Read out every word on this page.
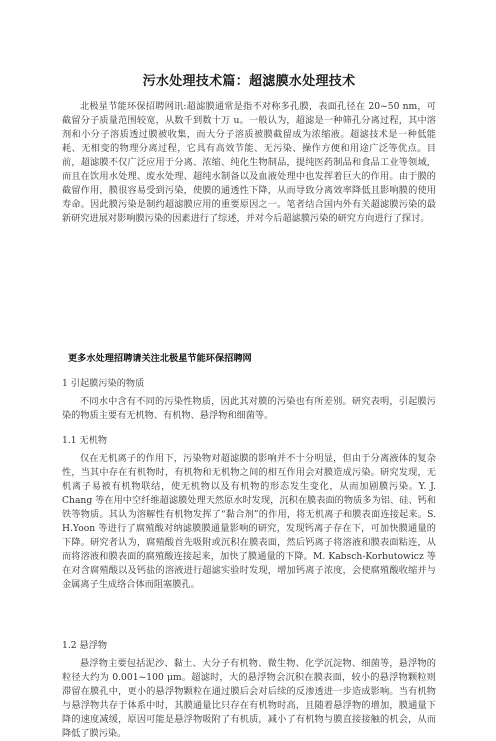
污水处理技术篇：超滤膜水处理技术

北极星节能环保招聘网讯:超滤膜通常是指不对称多孔膜，表面孔径在 20~50 nm，可截留分子质量范围较宽，从数千到数十万 u。一般认为，超滤是一种筛孔分离过程，其中溶剂和小分子溶质透过膜被收集，而大分子溶质被膜截留成为浓缩液。超滤技术是一种低能耗、无相变的物理分离过程，它具有高效节能、无污染、操作方便和用途广泛等优点。目前，超滤膜不仅广泛应用于分离、浓缩、纯化生物制品，提纯医药制品和食品工业等领域，而且在饮用水处理、废水处理、超纯水制备以及血液处理中也发挥着巨大的作用。由于膜的截留作用，膜很容易受到污染，使膜的通透性下降，从而导致分离效率降低且影响膜的使用寿命。因此膜污染是制约超滤膜应用的重要原因之一。笔者结合国内外有关超滤膜污染的最新研究进展对影响膜污染的因素进行了综述，并对今后超滤膜污染的研究方向进行了探讨。

更多水处理招聘请关注北极星节能环保招聘网

1 引起膜污染的物质

不同水中含有不同的污染性物质，因此其对膜的污染也有所差别。研究表明，引起膜污染的物质主要有无机物、有机物、悬浮物和细菌等。

1.1 无机物

仅在无机离子的作用下，污染物对超滤膜的影响并不十分明显，但由于分离液体的复杂性，当其中存在有机物时，有机物和无机物之间的相互作用会对膜造成污染。研究发现，无机离子易被有机物联结，使无机物以及有机物的形态发生变化，从而加剧膜污染。Y. J. Chang 等在用中空纤维超滤膜处理天然原水时发现，沉积在膜表面的物质多为铝、硅、钙和铁等物质。其认为溶解性有机物发挥了“黏合剂”的作用，将无机离子和膜表面连接起来。S. H.Yoon 等进行了腐殖酸对纳滤膜膜通量影响的研究，发现钙离子存在下，可加快膜通量的下降。研究者认为，腐殖酸首先吸附或沉积在膜表面，然后钙离子将溶液和膜表面粘连，从而将溶液和膜表面的腐殖酸连接起来，加快了膜通量的下降。M. Kabsch-Korbutowicz 等在对含腐殖酸以及钙盐的溶液进行超滤实验时发现，增加钙离子浓度，会使腐殖酸收缩并与金属离子生成络合体而阻塞膜孔。

1.2 悬浮物

悬浮物主要包括泥沙、黏土、大分子有机物、微生物、化学沉淀物、细菌等，悬浮物的粒径大约为 0.001~100 μm。超滤时，大的悬浮物会沉积在膜表面，较小的悬浮物颗粒则滞留在膜孔中，更小的悬浮物颗粒在通过膜后会对后续的反渗透进一步造成影响。当有机物与悬浮物共存于体系中时，其膜通量比只存在有机物时高，且随着悬浮物的增加，膜通量下降的速度减缓，原因可能是悬浮物吸附了有机质，减小了有机物与膜直接接触的机会，从而降低了膜污染。
